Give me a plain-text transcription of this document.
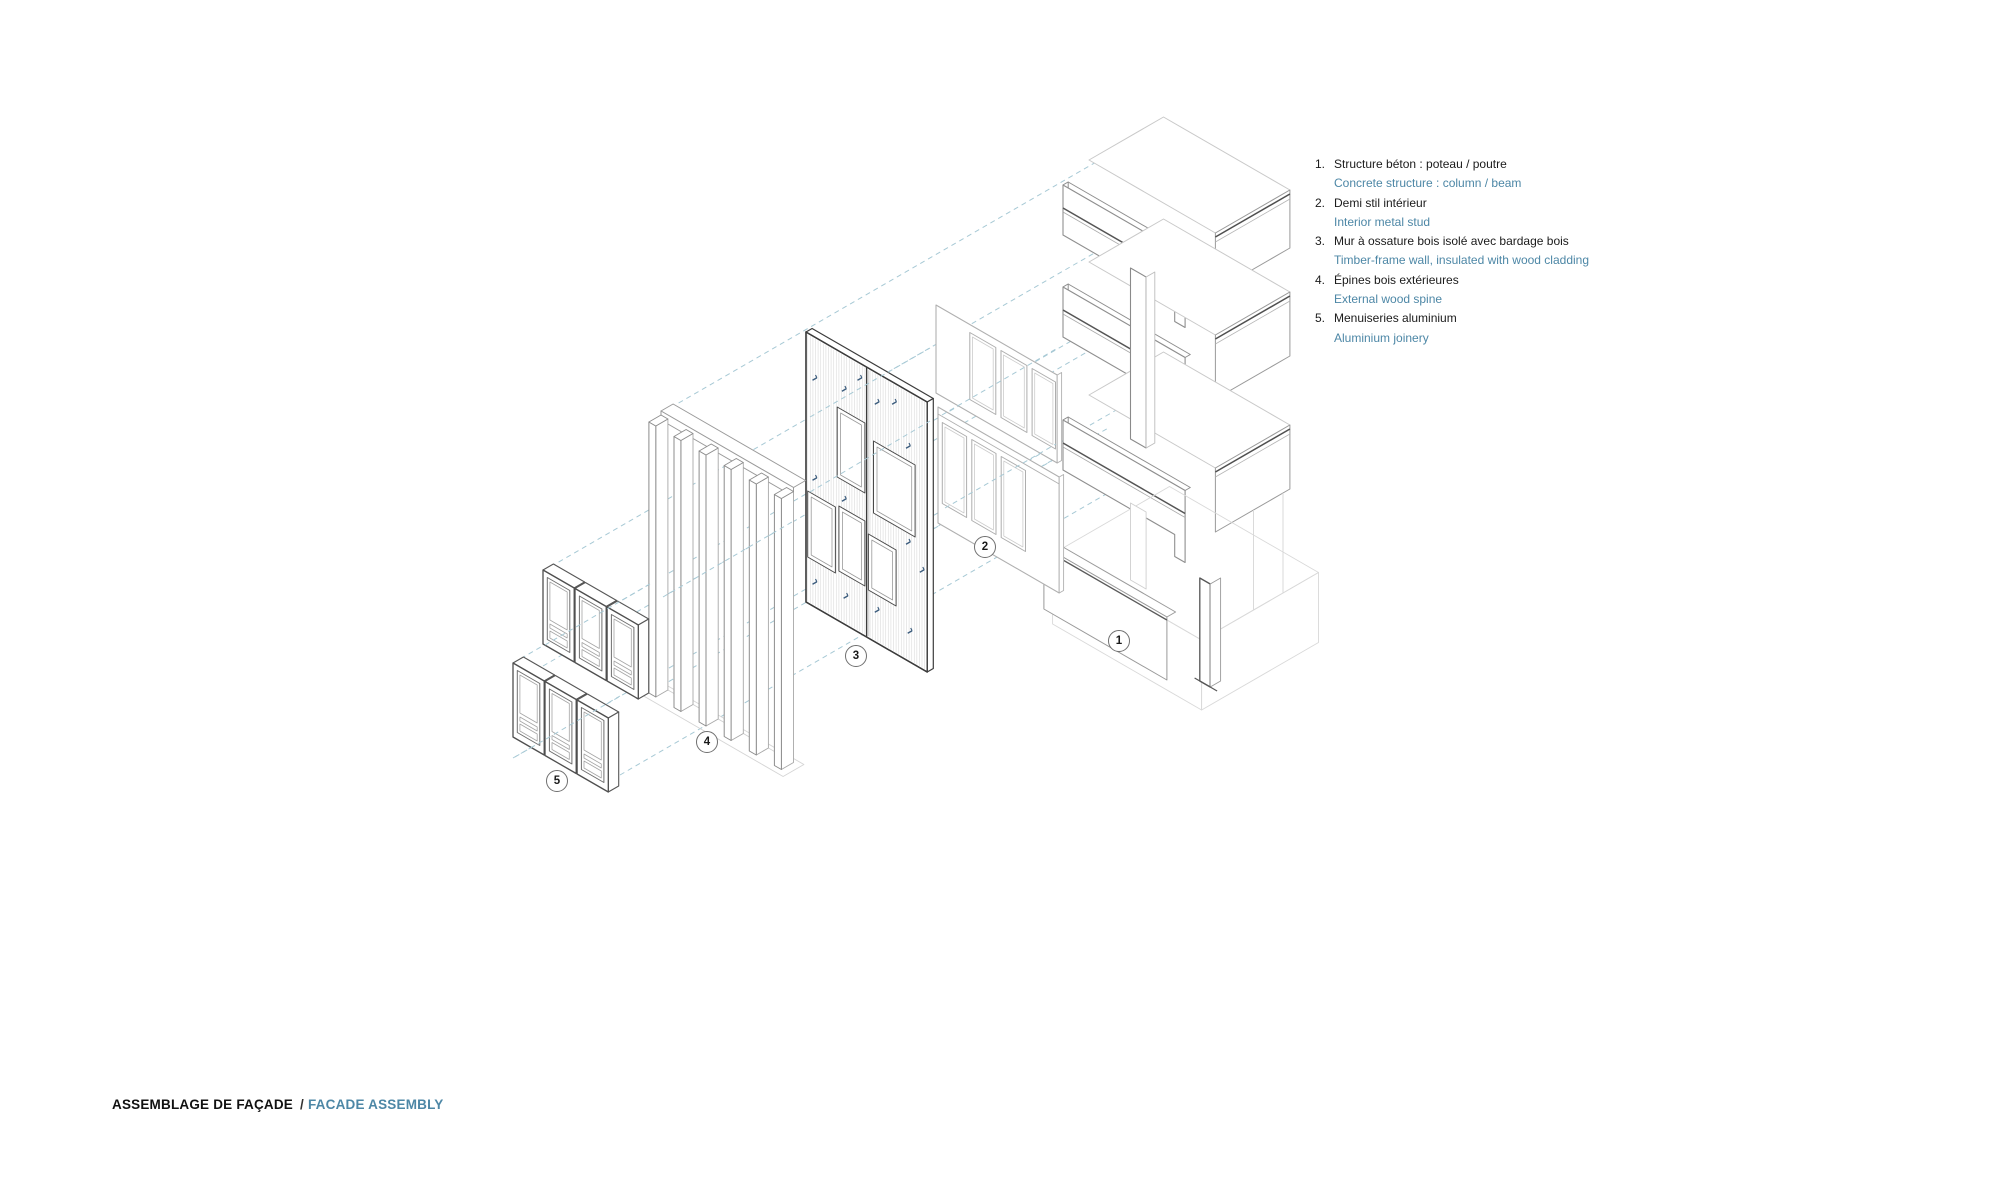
1. Structure béton : poteau / poutre
Concrete structure : column / beam
2. Demi stil intérieur
Interior metal stud
3. Mur à ossature bois isolé avec bardage bois
Timber-frame wall, insulated with wood cladding
4. Épines bois extérieures
External wood spine
5. Menuiseries aluminium
Aluminium joinery
1
2
3
4
5
ASSEMBLAGE DE FAÇADE / FACADE ASSEMBLY
